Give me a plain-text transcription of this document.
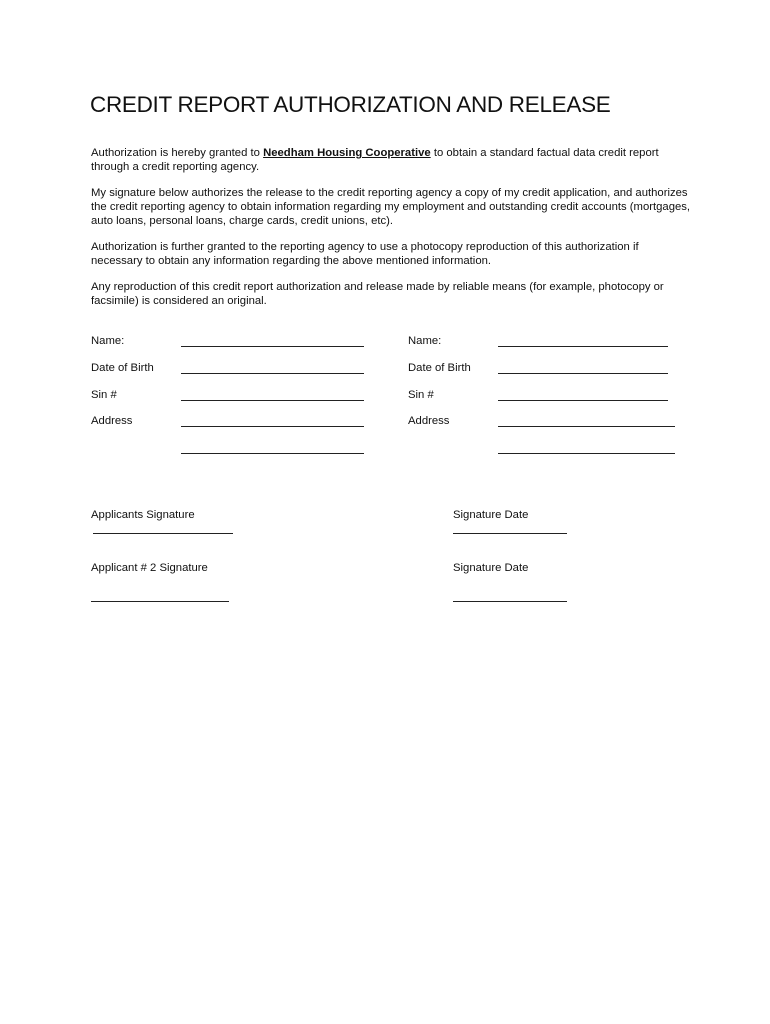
CREDIT REPORT AUTHORIZATION AND RELEASE

Authorization is hereby granted to Needham Housing Cooperative to obtain a standard factual data credit report through a credit reporting agency.

My signature below authorizes the release to the credit reporting agency a copy of my credit application, and authorizes the credit reporting agency to obtain information regarding my employment and outstanding credit accounts (mortgages, auto loans, personal loans, charge cards, credit unions, etc).

Authorization is further granted to the reporting agency to use a photocopy reproduction of this authorization if necessary to obtain any information regarding the above mentioned information.

Any reproduction of this credit report authorization and release made by reliable means (for example, photocopy or facsimile) is considered an original.

Name:
Date of Birth
Sin #
Address
Name:
Date of Birth
Sin #
Address
Applicants Signature	Signature Date
Applicant # 2 Signature	Signature Date
